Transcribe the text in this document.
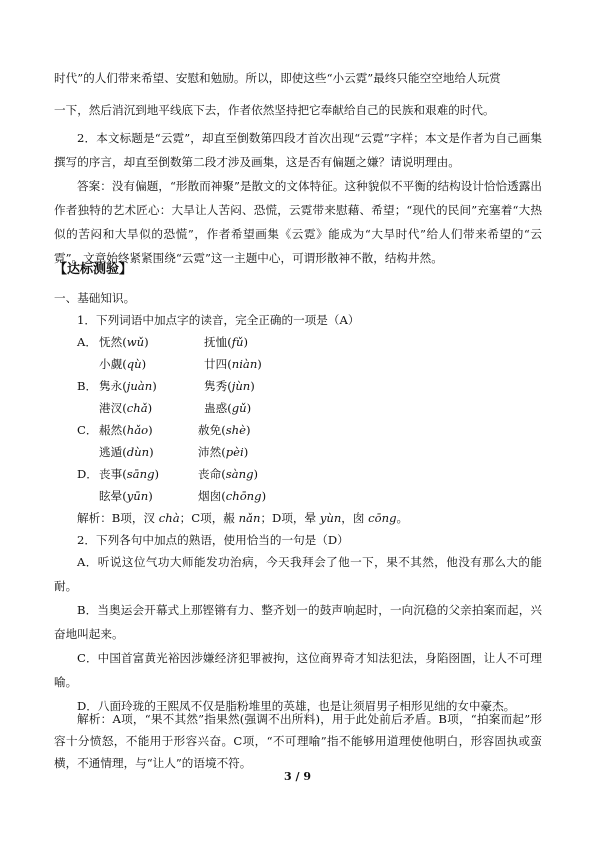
时代”的人们带来希望、安慰和勉励。所以，即使这些“小云霓”最终只能空空地给人玩赏
一下，然后消沉到地平线底下去，作者依然坚持把它奉献给自己的民族和艰难的时代。
2．本文标题是“云霓”，却直至倒数第四段才首次出现“云霓”字样；本文是作者为自己画集撰写的序言，却直至倒数第二段才涉及画集，这是否有偏题之嫌？请说明理由。
答案：没有偏题，“形散而神聚”是散文的文体特征。这种貌似不平衡的结构设计恰恰透露出作者独特的艺术匠心：大旱让人苦闷、恐慌，云霓带来慰藉、希望；“现代的民间”充塞着“大热似的苦闷和大旱似的恐慌”，作者希望画集《云霓》能成为“大旱时代”给人们带来希望的“云霓”。文章始终紧紧围绕“云霓”这一主题中心，可谓形散神不散，结构井然。
【达标测验】
一、基础知识。
1．下列词语中加点字的读音，完全正确的一项是（A）
A． 怃然(wǔ)	抚恤(fǔ)
小觑(qù)	廿四(niàn)
B． 隽永(juàn)	隽秀(jùn)
港汊(chǎ)	蛊惑(gǔ)
C． 赧然(hǎo)	赦免(shè)
逃遁(dùn)	沛然(pèi)
D．丧事(sāng)	丧命(sàng)
眩晕(yūn)	烟囱(chōng)
解析：B项，汊 chà；C项，赧 nǎn；D项，晕 yùn，囱 cōng。
2．下列各句中加点的熟语，使用恰当的一句是（D）
A．听说这位气功大师能发功治病，今天我拜会了他一下，果不其然，他没有那么大的能耐。
B．当奥运会开幕式上那铿锵有力、整齐划一的鼓声响起时，一向沉稳的父亲拍案而起，兴奋地叫起来。
C．中国首富黄光裕因涉嫌经济犯罪被拘，这位商界奇才知法犯法，身陷囹圄，让人不可理喻。
D．八面玲珑的王熙凤不仅是脂粉堆里的英雄，也是让须眉男子相形见绌的女中豪杰。
解析：A项，“果不其然”指果然(强调不出所料)，用于此处前后矛盾。B项，“拍案而起”形容十分愤怒，不能用于形容兴奋。C项，“不可理喻”指不能够用道理使他明白，形容固执或蛮横，不通情理，与“让人”的语境不符。
3 / 9
